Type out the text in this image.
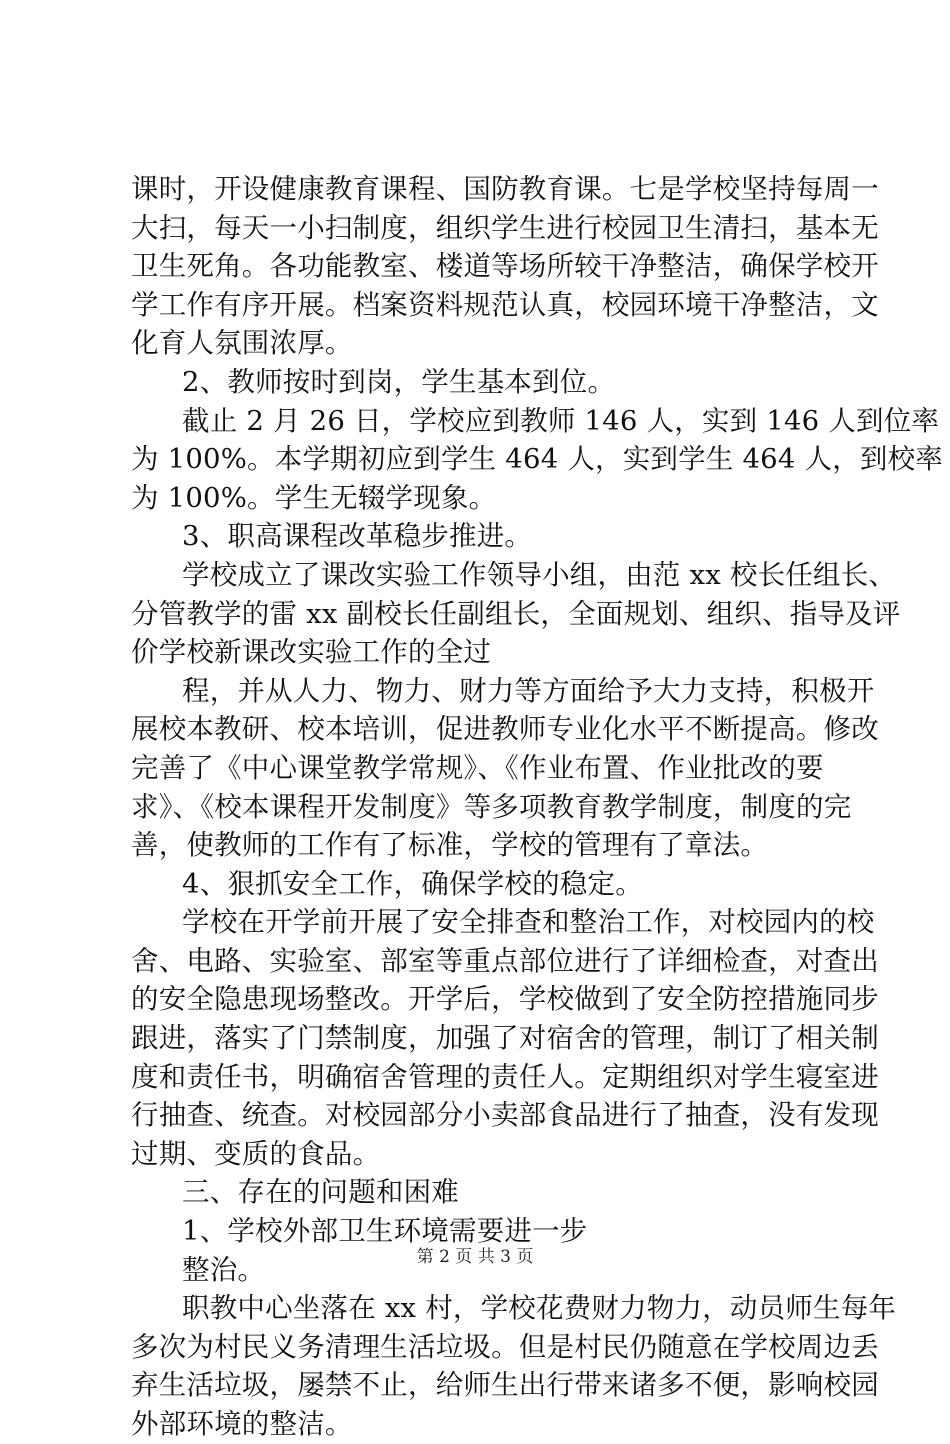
课时，开设健康教育课程、国防教育课。七是学校坚持每周一
大扫，每天一小扫制度，组织学生进行校园卫生清扫，基本无
卫生死角。各功能教室、楼道等场所较干净整洁，确保学校开
学工作有序开展。档案资料规范认真，校园环境干净整洁，文
化育人氛围浓厚。
2、教师按时到岗，学生基本到位。
截止 2 月 26 日，学校应到教师 146 人，实到 146 人到位率
为 100%。本学期初应到学生 464 人，实到学生 464 人，到校率
为 100%。学生无辍学现象。
3、职高课程改革稳步推进。
学校成立了课改实验工作领导小组，由范 xx 校长任组长、
分管教学的雷 xx 副校长任副组长，全面规划、组织、指导及评
价学校新课改实验工作的全过
程，并从人力、物力、财力等方面给予大力支持，积极开
展校本教研、校本培训，促进教师专业化水平不断提高。修改
完善了《中心课堂教学常规》、《作业布置、作业批改的要
求》、《校本课程开发制度》等多项教育教学制度，制度的完
善，使教师的工作有了标准，学校的管理有了章法。
4、狠抓安全工作，确保学校的稳定。
学校在开学前开展了安全排查和整治工作，对校园内的校
舍、电路、实验室、部室等重点部位进行了详细检查，对查出
的安全隐患现场整改。开学后，学校做到了安全防控措施同步
跟进，落实了门禁制度，加强了对宿舍的管理，制订了相关制
度和责任书，明确宿舍管理的责任人。定期组织对学生寝室进
行抽查、统查。对校园部分小卖部食品进行了抽查，没有发现
过期、变质的食品。
三、存在的问题和困难
1、学校外部卫生环境需要进一步
整治。
职教中心坐落在 xx 村，学校花费财力物力，动员师生每年
多次为村民义务清理生活垃圾。但是村民仍随意在学校周边丢
弃生活垃圾，屡禁不止，给师生出行带来诸多不便，影响校园
外部环境的整洁。
第 2 页 共 3 页
